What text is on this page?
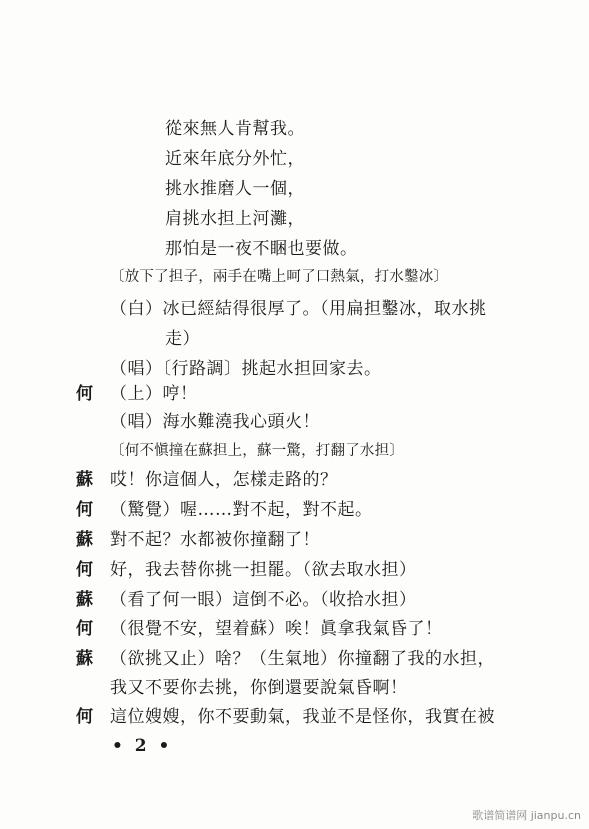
從來無人肯幫我。
近來年底分外忙，
挑水推磨人一個，
肩挑水担上河灘，
那怕是一夜不睏也要做。
〔放下了担子，兩手在嘴上呵了口熱氣，打水鑿冰〕
（白）冰已經結得很厚了。（用扁担鑿冰，取水挑
走）
（唱）〔行路調〕挑起水担回家去。
何 （上）哼！
（唱）海水難澆我心頭火！
〔何不愼撞在蘇担上，蘇一驚，打翻了水担〕
蘇 哎！你這個人，怎樣走路的？
何 （驚覺）喔……對不起，對不起。
蘇 對不起？水都被你撞翻了！
何 好，我去替你挑一担罷。（欲去取水担）
蘇 （看了何一眼）這倒不必。（收拾水担）
何 （很覺不安，望着蘇）唉！眞拿我氣昏了！
蘇 （欲挑又止）啥？（生氣地）你撞翻了我的水担，
我又不要你去挑，你倒還要說氣昏啊！
何 這位嫂嫂，你不要動氣，我並不是怪你，我實在被
• 2 •
歌谱简谱网 jianpu.cn
